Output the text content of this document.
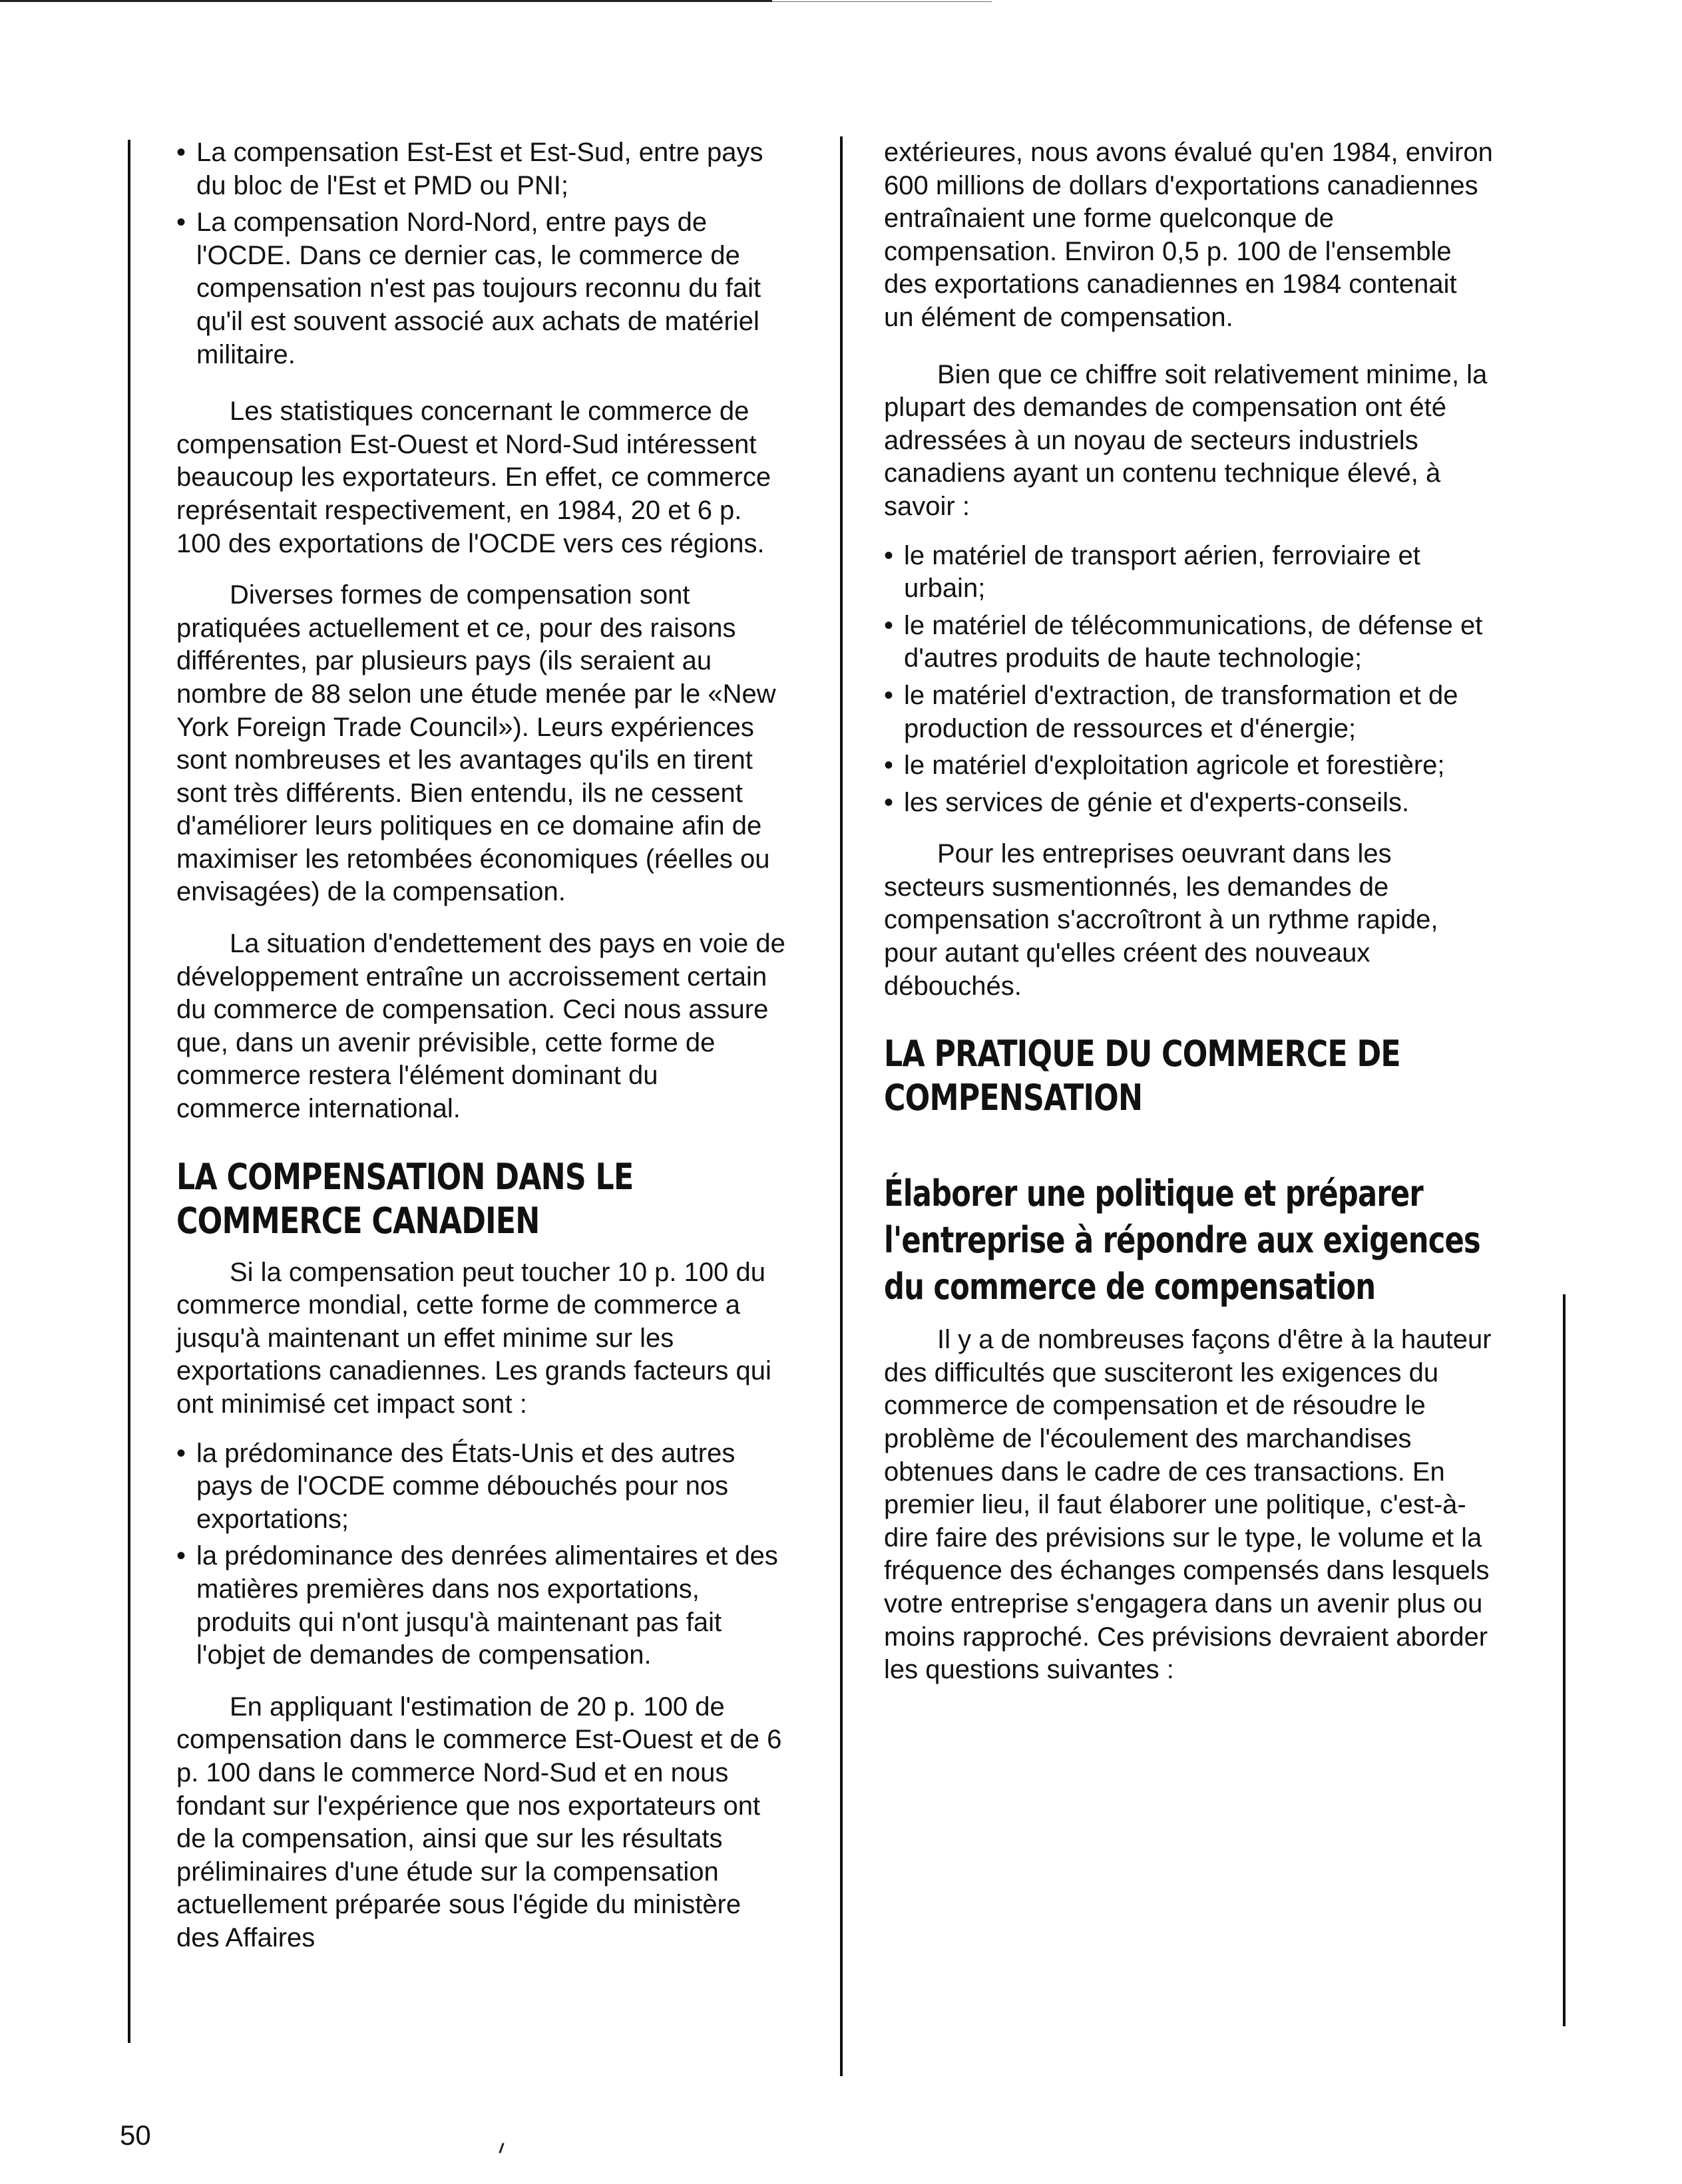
• La compensation Est-Est et Est-Sud, entre pays du bloc de l'Est et PMD ou PNI;
• La compensation Nord-Nord, entre pays de l'OCDE. Dans ce dernier cas, le commerce de compensation n'est pas toujours reconnu du fait qu'il est souvent associé aux achats de matériel militaire.

Les statistiques concernant le commerce de compensation Est-Ouest et Nord-Sud intéressent beaucoup les exportateurs. En effet, ce commerce représentait respectivement, en 1984, 20 et 6 p. 100 des exportations de l'OCDE vers ces régions.

Diverses formes de compensation sont pratiquées actuellement et ce, pour des raisons différentes, par plusieurs pays (ils seraient au nombre de 88 selon une étude menée par le «New York Foreign Trade Council»). Leurs expériences sont nombreuses et les avantages qu'ils en tirent sont très différents. Bien entendu, ils ne cessent d'améliorer leurs politiques en ce domaine afin de maximiser les retombées économiques (réelles ou envisagées) de la compensation.

La situation d'endettement des pays en voie de développement entraîne un accroissement certain du commerce de compensation. Ceci nous assure que, dans un avenir prévisible, cette forme de commerce restera l'élément dominant du commerce international.

LA COMPENSATION DANS LE COMMERCE CANADIEN

Si la compensation peut toucher 10 p. 100 du commerce mondial, cette forme de commerce a jusqu'à maintenant un effet minime sur les exportations canadiennes. Les grands facteurs qui ont minimisé cet impact sont :

• la prédominance des États-Unis et des autres pays de l'OCDE comme débouchés pour nos exportations;
• la prédominance des denrées alimentaires et des matières premières dans nos exportations, produits qui n'ont jusqu'à maintenant pas fait l'objet de demandes de compensation.

En appliquant l'estimation de 20 p. 100 de compensation dans le commerce Est-Ouest et de 6 p. 100 dans le commerce Nord-Sud et en nous fondant sur l'expérience que nos exportateurs ont de la compensation, ainsi que sur les résultats préliminaires d'une étude sur la compensation actuellement préparée sous l'égide du ministère des Affaires

extérieures, nous avons évalué qu'en 1984, environ 600 millions de dollars d'exportations canadiennes entraînaient une forme quelconque de compensation. Environ 0,5 p. 100 de l'ensemble des exportations canadiennes en 1984 contenait un élément de compensation.

Bien que ce chiffre soit relativement minime, la plupart des demandes de compensation ont été adressées à un noyau de secteurs industriels canadiens ayant un contenu technique élevé, à savoir :

• le matériel de transport aérien, ferroviaire et urbain;
• le matériel de télécommunications, de défense et d'autres produits de haute technologie;
• le matériel d'extraction, de transformation et de production de ressources et d'énergie;
• le matériel d'exploitation agricole et forestière;
• les services de génie et d'experts-conseils.

Pour les entreprises oeuvrant dans les secteurs susmentionnés, les demandes de compensation s'accroîtront à un rythme rapide, pour autant qu'elles créent des nouveaux débouchés.

LA PRATIQUE DU COMMERCE DE COMPENSATION
Élaborer une politique et préparer l'entreprise à répondre aux exigences du commerce de compensation

Il y a de nombreuses façons d'être à la hauteur des difficultés que susciteront les exigences du commerce de compensation et de résoudre le problème de l'écoulement des marchandises obtenues dans le cadre de ces transactions. En premier lieu, il faut élaborer une politique, c'est-à-dire faire des prévisions sur le type, le volume et la fréquence des échanges compensés dans lesquels votre entreprise s'engagera dans un avenir plus ou moins rapproché. Ces prévisions devraient aborder les questions suivantes :

50
